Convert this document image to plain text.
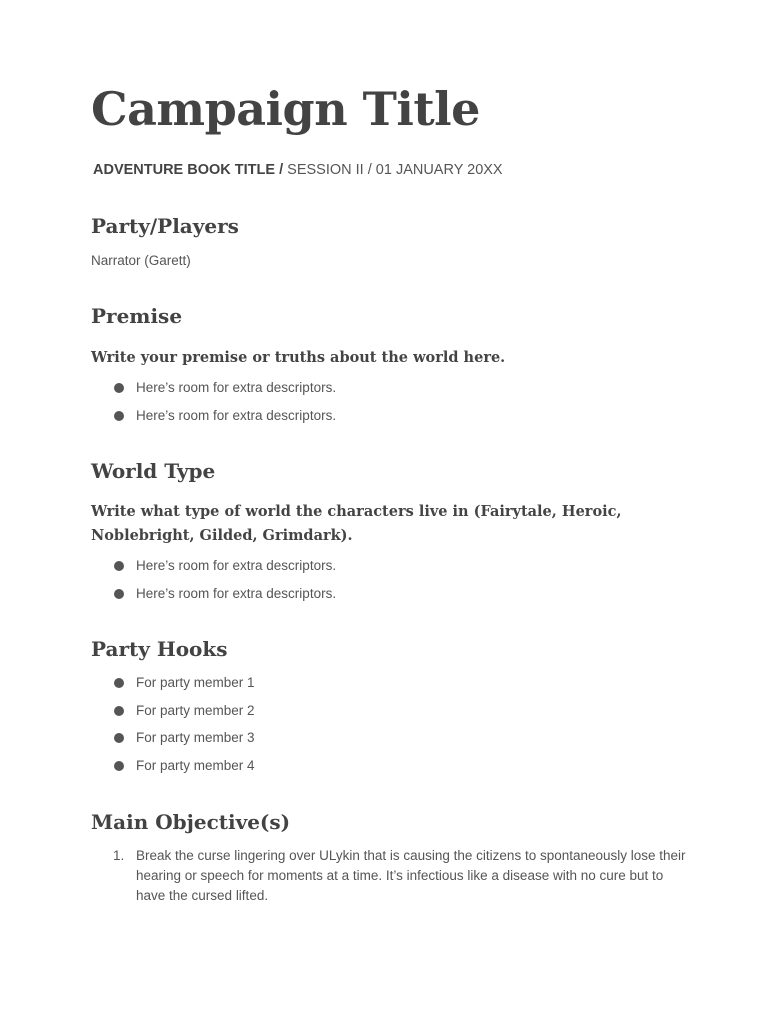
Campaign Title
ADVENTURE BOOK TITLE / SESSION II / 01 JANUARY 20XX
Party/Players
Narrator (Garett)
Premise
Write your premise or truths about the world here.
Here’s room for extra descriptors.
Here’s room for extra descriptors.
World Type
Write what type of world the characters live in (Fairytale, Heroic, Noblebright, Gilded, Grimdark).
Here’s room for extra descriptors.
Here’s room for extra descriptors.
Party Hooks
For party member 1
For party member 2
For party member 3
For party member 4
Main Objective(s)
1. Break the curse lingering over ULykin that is causing the citizens to spontaneously lose their hearing or speech for moments at a time. It’s infectious like a disease with no cure but to have the cursed lifted.
